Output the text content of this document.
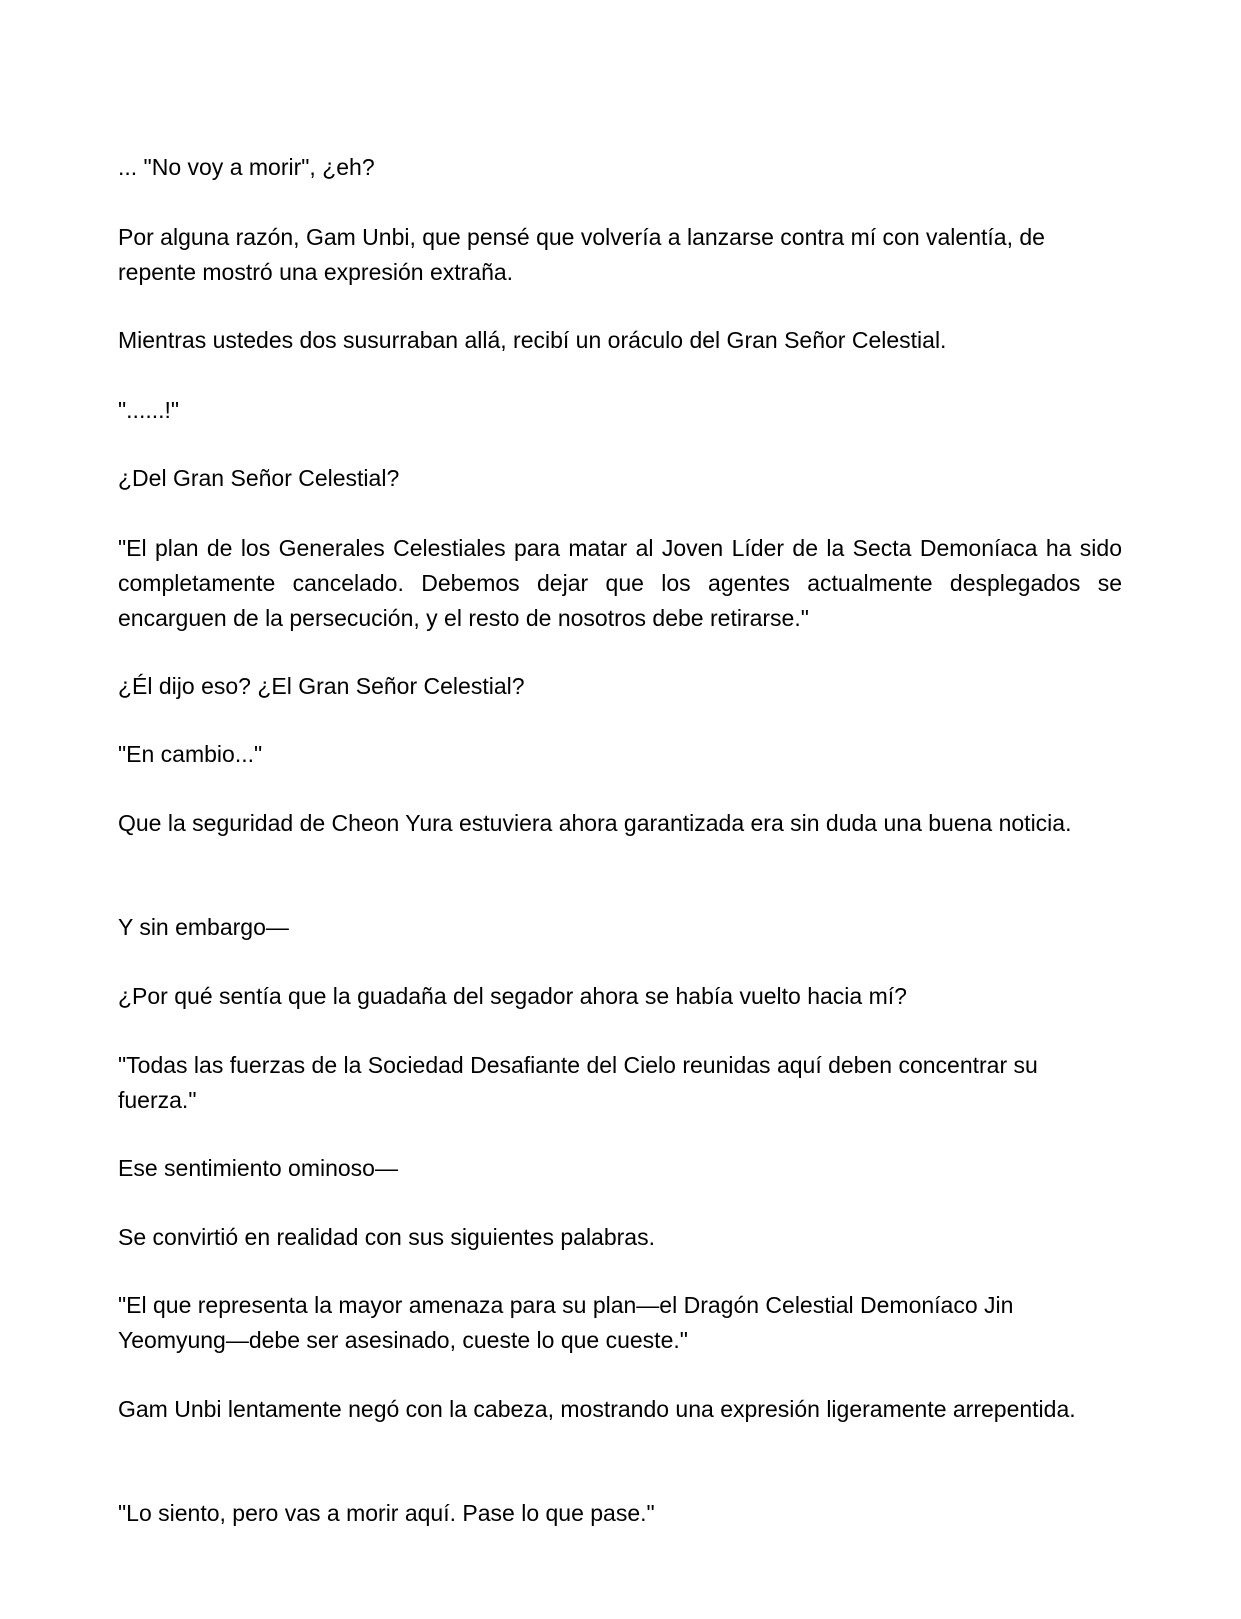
... "No voy a morir", ¿eh?

Por alguna razón, Gam Unbi, que pensé que volvería a lanzarse contra mí con valentía, de repente mostró una expresión extraña.

Mientras ustedes dos susurraban allá, recibí un oráculo del Gran Señor Celestial.

"......!"

¿Del Gran Señor Celestial?

"El plan de los Generales Celestiales para matar al Joven Líder de la Secta Demoníaca ha sido completamente cancelado. Debemos dejar que los agentes actualmente desplegados se encarguen de la persecución, y el resto de nosotros debe retirarse."

¿Él dijo eso? ¿El Gran Señor Celestial?

"En cambio..."

Que la seguridad de Cheon Yura estuviera ahora garantizada era sin duda una buena noticia.

Y sin embargo—

¿Por qué sentía que la guadaña del segador ahora se había vuelto hacia mí?

"Todas las fuerzas de la Sociedad Desafiante del Cielo reunidas aquí deben concentrar su fuerza."

Ese sentimiento ominoso—

Se convirtió en realidad con sus siguientes palabras.

"El que representa la mayor amenaza para su plan—el Dragón Celestial Demoníaco Jin Yeomyung—debe ser asesinado, cueste lo que cueste."

Gam Unbi lentamente negó con la cabeza, mostrando una expresión ligeramente arrepentida.

"Lo siento, pero vas a morir aquí. Pase lo que pase."
